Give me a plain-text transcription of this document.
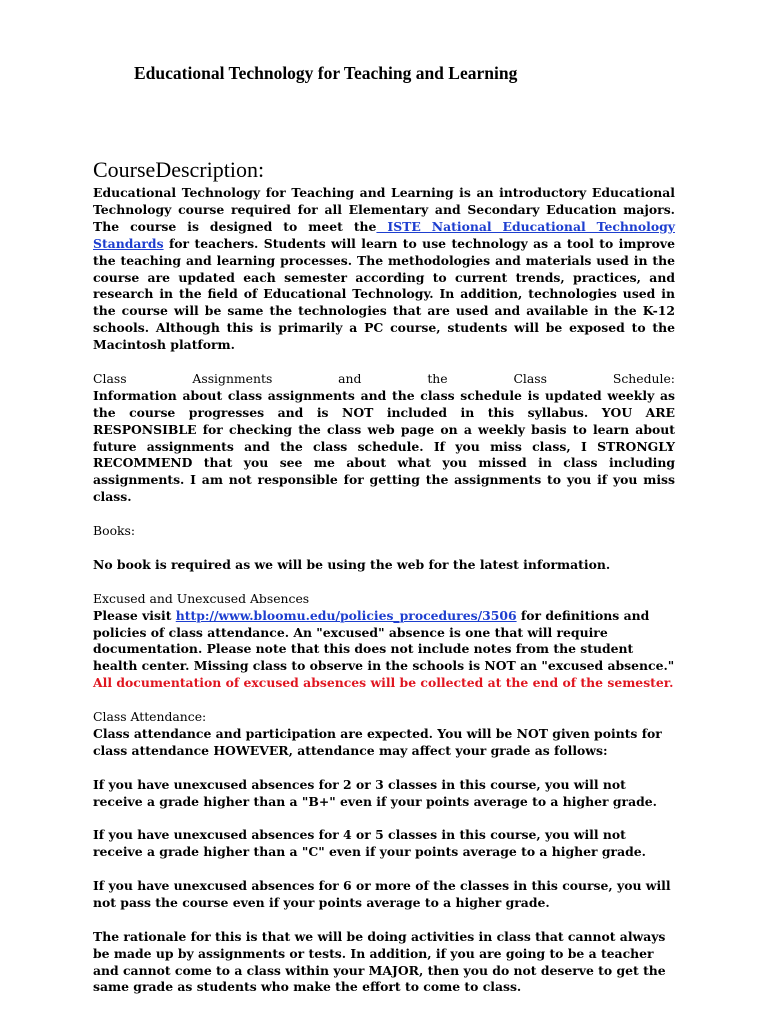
Educational Technology for Teaching and Learning
CourseDescription:

Educational Technology for Teaching and Learning is an introductory Educational Technology course required for all Elementary and Secondary Education majors. The course is designed to meet the ISTE National Educational Technology Standards for teachers. Students will learn to use technology as a tool to improve the teaching and learning processes. The methodologies and materials used in the course are updated each semester according to current trends, practices, and research in the field of Educational Technology. In addition, technologies used in the course will be same the technologies that are used and available in the K-12 schools. Although this is primarily a PC course, students will be exposed to the Macintosh platform.

Class	Assignments	and	the	Class	Schedule:

Information about class assignments and the class schedule is updated weekly as the course progresses and is NOT included in this syllabus. YOU ARE RESPONSIBLE for checking the class web page on a weekly basis to learn about future assignments and the class schedule. If you miss class, I STRONGLY RECOMMEND that you see me about what you missed in class including assignments. I am not responsible for getting the assignments to you if you miss class.

Books:

No book is required as we will be using the web for the latest information.

Excused and Unexcused Absences

Please visit http://www.bloomu.edu/policies_procedures/3506 for definitions and policies of class attendance. An "excused" absence is one that will require documentation. Please note that this does not include notes from the student health center. Missing class to observe in the schools is NOT an "excused absence." All documentation of excused absences will be collected at the end of the semester.

Class Attendance:

Class attendance and participation are expected. You will be NOT given points for class attendance HOWEVER, attendance may affect your grade as follows:

If you have unexcused absences for 2 or 3 classes in this course, you will not receive a grade higher than a "B+" even if your points average to a higher grade.

If you have unexcused absences for 4 or 5 classes in this course, you will not receive a grade higher than a "C" even if your points average to a higher grade.

If you have unexcused absences for 6 or more of the classes in this course, you will not pass the course even if your points average to a higher grade.

The rationale for this is that we will be doing activities in class that cannot always be made up by assignments or tests. In addition, if you are going to be a teacher and cannot come to a class within your MAJOR, then you do not deserve to get the same grade as students who make the effort to come to class.
